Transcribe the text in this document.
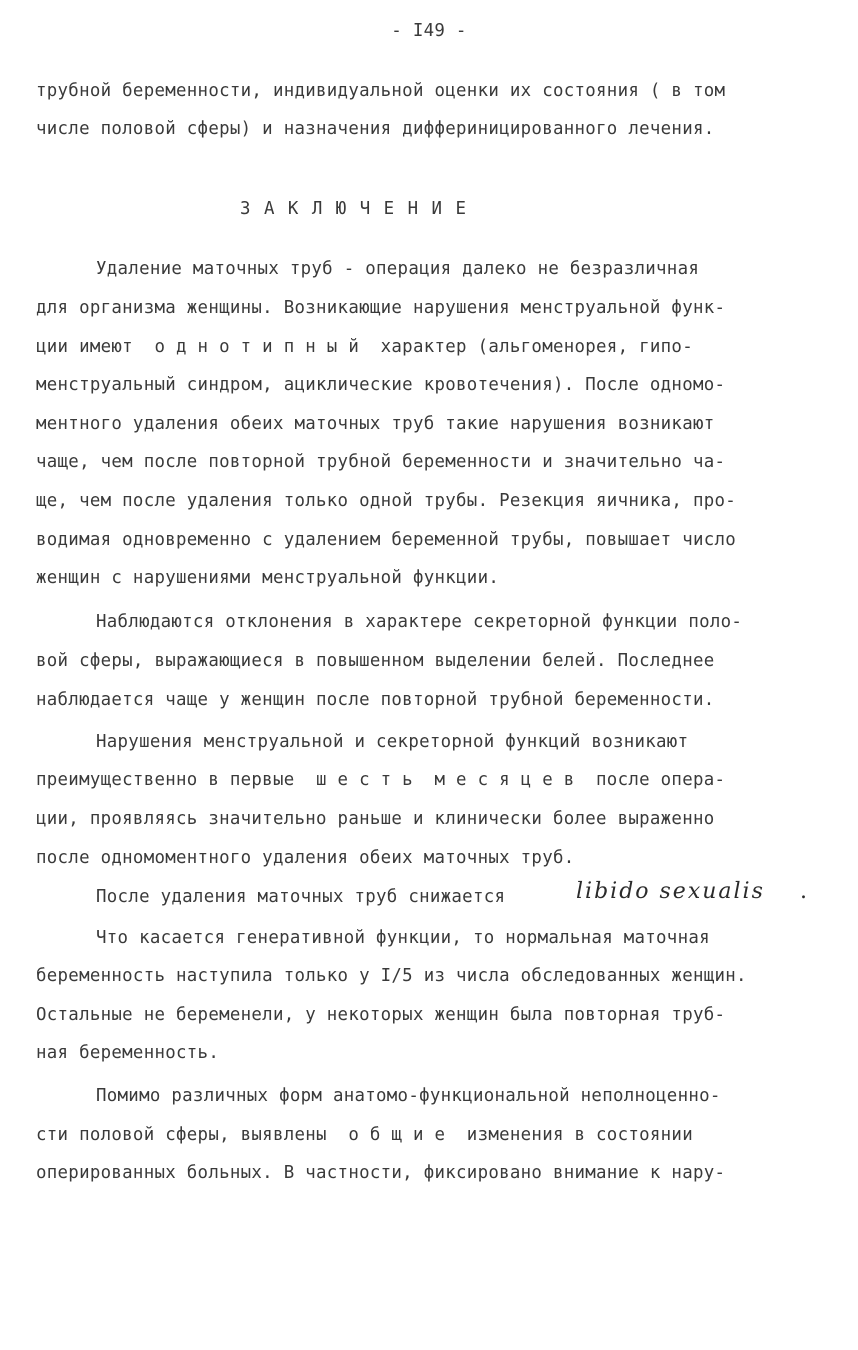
- I49 -

трубной беременности, индивидуальной оценки их состояния ( в том

числе половой сферы) и назначения диффериницированного лечения.

З А К Л Ю Ч Е Н И Е

Удаление маточных труб - операция далеко не безразличная

для организма женщины. Возникающие нарушения менструальной функ-

ции имеют  о д н о т и п н ы й  характер (альгоменорея, гипо-

менструальный синдром, ациклические кровотечения). После одномо-

ментного удаления обеих маточных труб такие нарушения возникают

чаще, чем после повторной трубной беременности и значительно ча-

ще, чем после удаления только одной трубы. Резекция яичника, про-

водимая одновременно с удалением беременной трубы, повышает число

женщин с нарушениями менструальной функции.

Наблюдаются отклонения в характере секреторной функции поло-

вой сферы, выражающиеся в повышенном выделении белей. Последнее

наблюдается чаще у женщин после повторной трубной беременности.

Нарушения менструальной и секреторной функций возникают

преимущественно в первые  ш е с т ь  м е с я ц е в  после опера-

ции, проявляясь значительно раньше и клинически более выраженно

после одномоментного удаления обеих маточных труб.

После удаления маточных труб снижается	libido sexualis .

Что касается генеративной функции, то нормальная маточная

беременность наступила только у I/5 из числа обследованных женщин.

Остальные не беременели, у некоторых женщин была повторная труб-

ная беременность.

Помимо различных форм анатомо-функциональной неполноценно-

сти половой сферы, выявлены  о б щ и е  изменения в состоянии

оперированных больных. В частности, фиксировано внимание к нару-
